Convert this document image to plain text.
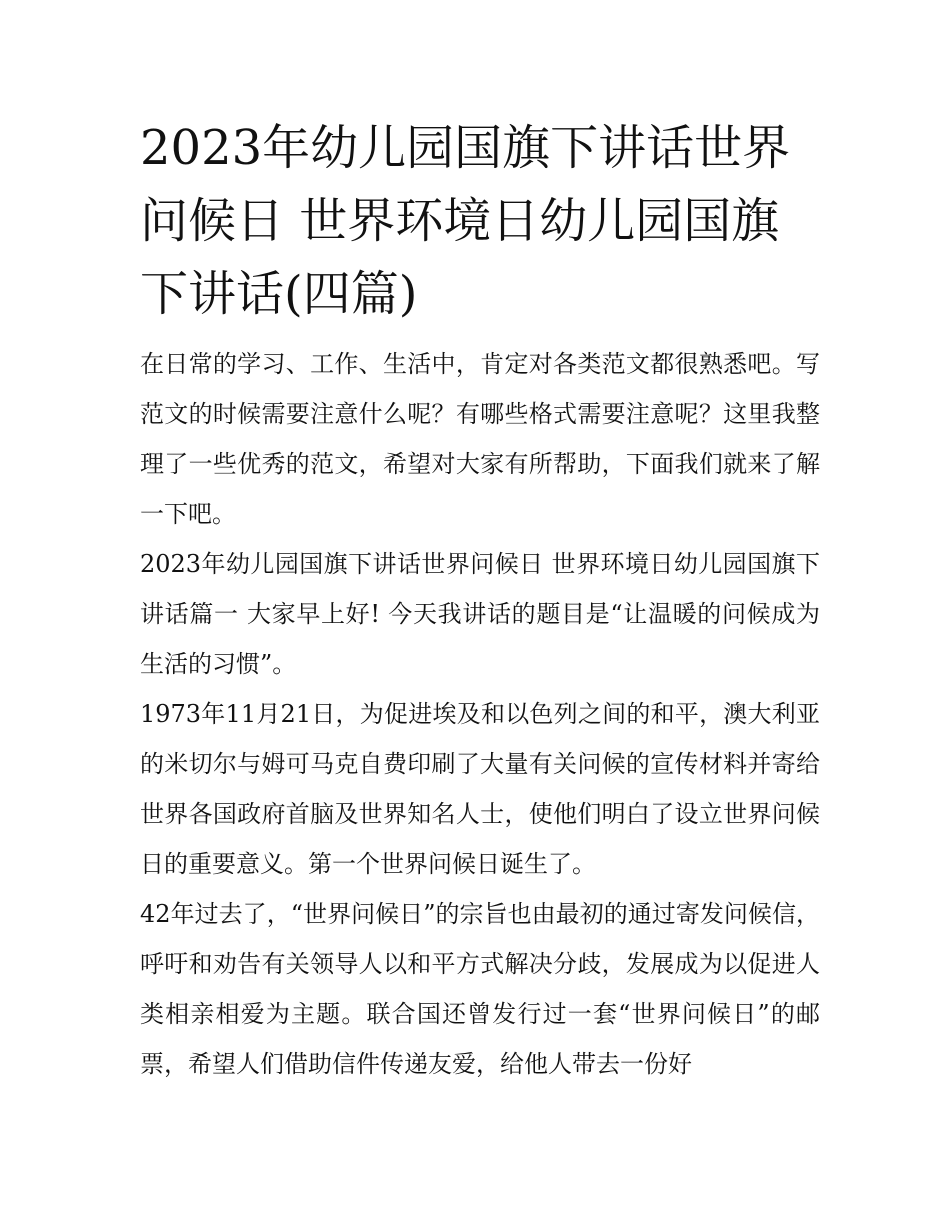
2023年幼儿园国旗下讲话世界问候日 世界环境日幼儿园国旗下讲话(四篇)

在日常的学习、工作、生活中，肯定对各类范文都很熟悉吧。写范文的时候需要注意什么呢？有哪些格式需要注意呢？这里我整理了一些优秀的范文，希望对大家有所帮助，下面我们就来了解一下吧。

2023年幼儿园国旗下讲话世界问候日 世界环境日幼儿园国旗下讲话篇一 大家早上好! 今天我讲话的题目是“让温暖的问候成为生活的习惯”。

1973年11月21日，为促进埃及和以色列之间的和平，澳大利亚的米切尔与姆可马克自费印刷了大量有关问候的宣传材料并寄给世界各国政府首脑及世界知名人士，使他们明白了设立世界问候日的重要意义。第一个世界问候日诞生了。

42年过去了，“世界问候日”的宗旨也由最初的通过寄发问候信，呼吁和劝告有关领导人以和平方式解决分歧，发展成为以促进人类相亲相爱为主题。联合国还曾发行过一套“世界问候日”的邮票，希望人们借助信件传递友爱，给他人带去一份好
